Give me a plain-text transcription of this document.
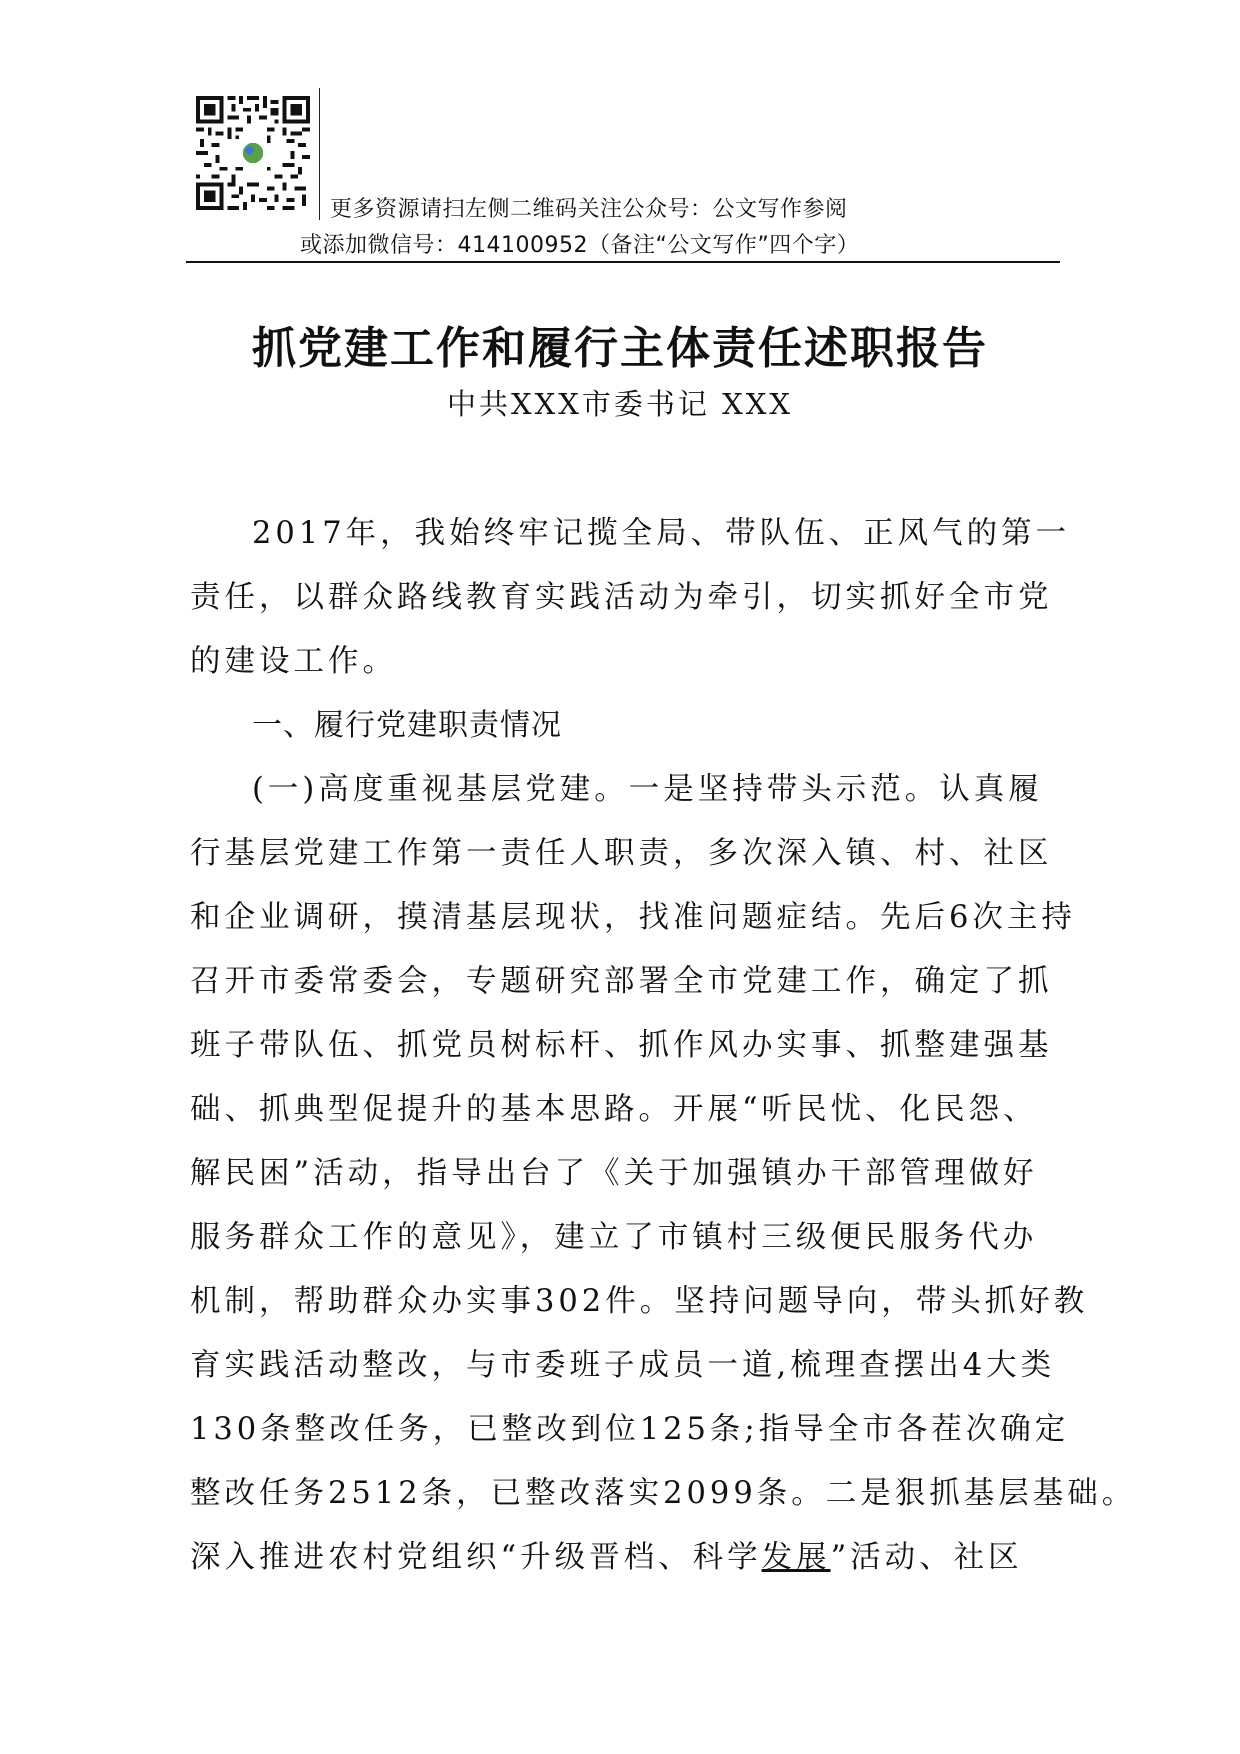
更多资源请扫左侧二维码关注公众号：公文写作参阅
或添加微信号：414100952（备注“公文写作”四个字）
抓党建工作和履行主体责任述职报告
中共XXX市委书记 XXX
2017年，我始终牢记揽全局、带队伍、正风气的第一
责任，以群众路线教育实践活动为牵引，切实抓好全市党
的建设工作。
一、履行党建职责情况
(一)高度重视基层党建。一是坚持带头示范。认真履
行基层党建工作第一责任人职责，多次深入镇、村、社区
和企业调研，摸清基层现状，找准问题症结。先后6次主持
召开市委常委会，专题研究部署全市党建工作，确定了抓
班子带队伍、抓党员树标杆、抓作风办实事、抓整建强基
础、抓典型促提升的基本思路。开展“听民忧、化民怨、
解民困”活动，指导出台了《关于加强镇办干部管理做好
服务群众工作的意见》，建立了市镇村三级便民服务代办
机制，帮助群众办实事302件。坚持问题导向，带头抓好教
育实践活动整改，与市委班子成员一道,梳理查摆出4大类
130条整改任务，已整改到位125条;指导全市各茬次确定
整改任务2512条，已整改落实2099条。二是狠抓基层基础。
深入推进农村党组织“升级晋档、科学发展”活动、社区
